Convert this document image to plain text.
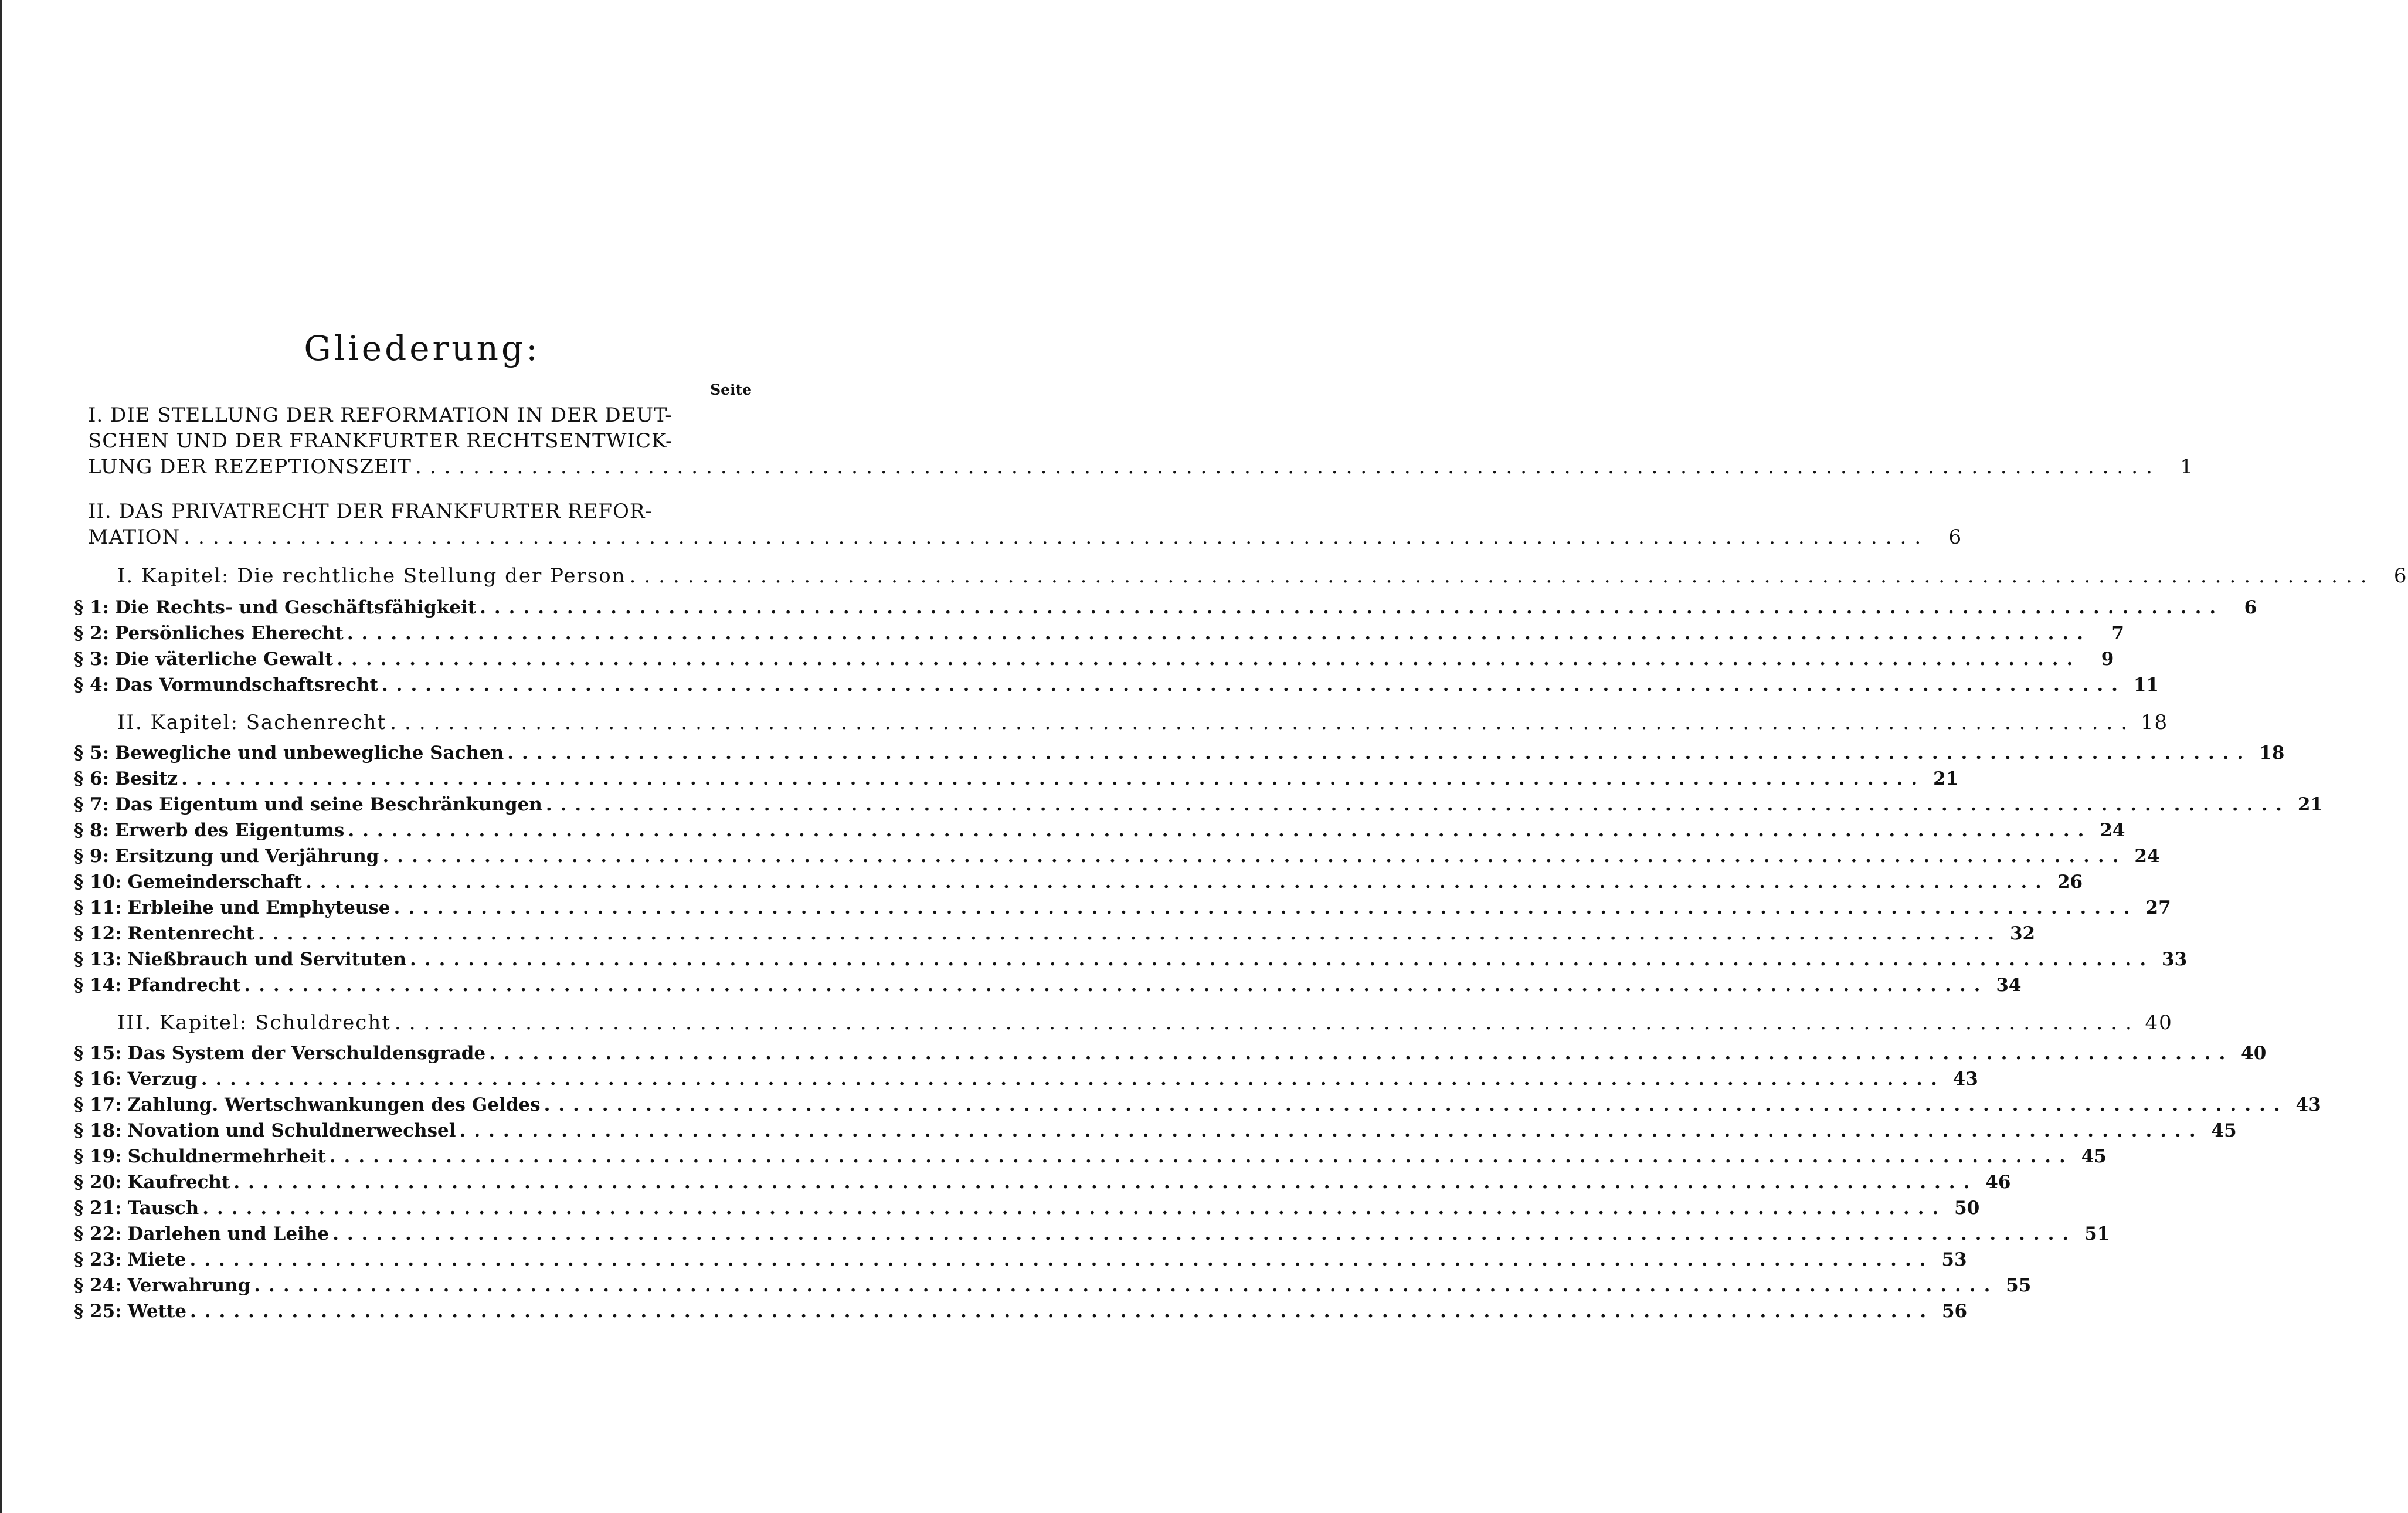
Gliederung:
Seite
I. DIE STELLUNG DER REFORMATION IN DER DEUT-
SCHEN UND DER FRANKFURTER RECHTSENTWICK-
LUNG DER REZEPTIONSZEIT ........................................................................................................................ 1
II. DAS PRIVATRECHT DER FRANKFURTER REFOR-
MATION ........................................................................................................................ 6
I. Kapitel: Die rechtliche Stellung der Person ........................................................................................................................ 6
§ 1: Die Rechts- und Geschäftsfähigkeit ........................................................................................................................	6
§ 2: Persönliches Eherecht ........................................................................................................................	7
§ 3: Die väterliche Gewalt ........................................................................................................................	9
§ 4: Das Vormundschaftsrecht ........................................................................................................................ 11
II. Kapitel: Sachenrecht ........................................................................................................................ 18
§ 5: Bewegliche und unbewegliche Sachen ........................................................................................................................ 18
§ 6: Besitz ........................................................................................................................ 21
§ 7: Das Eigentum und seine Beschränkungen ........................................................................................................................ 21
§ 8: Erwerb des Eigentums ........................................................................................................................ 24
§ 9: Ersitzung und Verjährung ........................................................................................................................ 24
§ 10: Gemeinderschaft ........................................................................................................................ 26
§ 11: Erbleihe und Emphyteuse ........................................................................................................................ 27
§ 12: Rentenrecht ........................................................................................................................ 32
§ 13: Nießbrauch und Servituten ........................................................................................................................ 33
§ 14: Pfandrecht ........................................................................................................................ 34
III. Kapitel: Schuldrecht ........................................................................................................................ 40
§ 15: Das System der Verschuldensgrade ........................................................................................................................ 40
§ 16: Verzug ........................................................................................................................ 43
§ 17: Zahlung. Wertschwankungen des Geldes ........................................................................................................................ 43
§ 18: Novation und Schuldnerwechsel ........................................................................................................................ 45
§ 19: Schuldnermehrheit ........................................................................................................................ 45
§ 20: Kaufrecht ........................................................................................................................ 46
§ 21: Tausch ........................................................................................................................ 50
§ 22: Darlehen und Leihe ........................................................................................................................ 51
§ 23: Miete ........................................................................................................................ 53
§ 24: Verwahrung ........................................................................................................................ 55
§ 25: Wette ........................................................................................................................ 56
